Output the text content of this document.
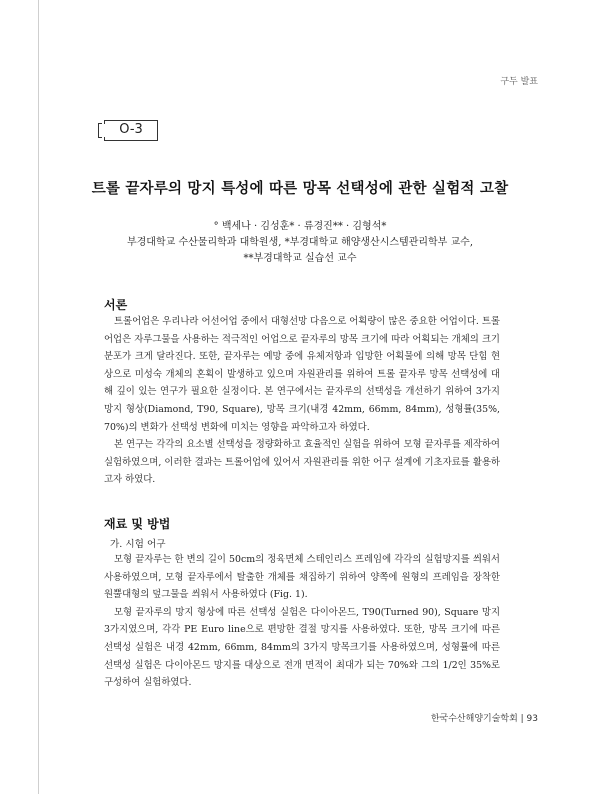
구두 발표
O-3
트롤 끝자루의 망지 특성에 따른 망목 선택성에 관한 실험적 고찰
° 백세나 · 김성훈* · 류경진** · 김형석*
부경대학교 수산물리학과 대학원생, *부경대학교 해양생산시스템관리학부 교수,
**부경대학교 실습선 교수
서론

트롤어업은 우리나라 어선어업 중에서 대형선망 다음으로 어획량이 많은 중요한 어업이다. 트롤어업은 자루그물을 사용하는 적극적인 어업으로 끝자루의 망목 크기에 따라 어획되는 개체의 크기 분포가 크게 달라진다. 또한, 끝자루는 예망 중에 유체저항과 입망한 어획물에 의해 망목 단힘 현상으로 미성숙 개체의 혼획이 발생하고 있으며 자원관리를 위하여 트롤 끝자루 망목 선택성에 대해 깊이 있는 연구가 필요한 실정이다. 본 연구에서는 끝자루의 선택성을 개선하기 위하여 3가지 망지 형상(Diamond, T90, Square), 망목 크기(내경 42mm, 66mm, 84mm), 성형률(35%, 70%)의 변화가 선택성 변화에 미치는 영향을 파악하고자 하였다.

본 연구는 각각의 요소별 선택성을 정량화하고 효율적인 실험을 위하여 모형 끝자루를 제작하여 실험하였으며, 이러한 결과는 트롤어업에 있어서 자원관리를 위한 어구 설계에 기초자료를 활용하고자 하였다.

재료 및 방법
가. 시험 어구

모형 끝자루는 한 변의 길이 50cm의 정육면체 스테인리스 프레임에 각각의 실험망지를 씌워서 사용하였으며, 모형 끝자루에서 탈출한 개체를 채집하기 위하여 양쪽에 원형의 프레임을 장착한 원뿔대형의 덮그물을 씌워서 사용하였다 (Fig. 1).

모형 끝자루의 망지 형상에 따른 선택성 실험은 다이아몬드, T90(Turned 90), Square 망지 3가지였으며, 각각 PE Euro line으로 편망한 결절 망지를 사용하였다. 또한, 망목 크기에 따른 선택성 실험은 내경 42mm, 66mm, 84mm의 3가지 망목크기를 사용하였으며, 성형률에 따른 선택성 실험은 다이아몬드 망지를 대상으로 전개 면적이 최대가 되는 70%와 그의 1/2인 35%로 구성하여 실험하였다.

한국수산해양기술학회 | 93
